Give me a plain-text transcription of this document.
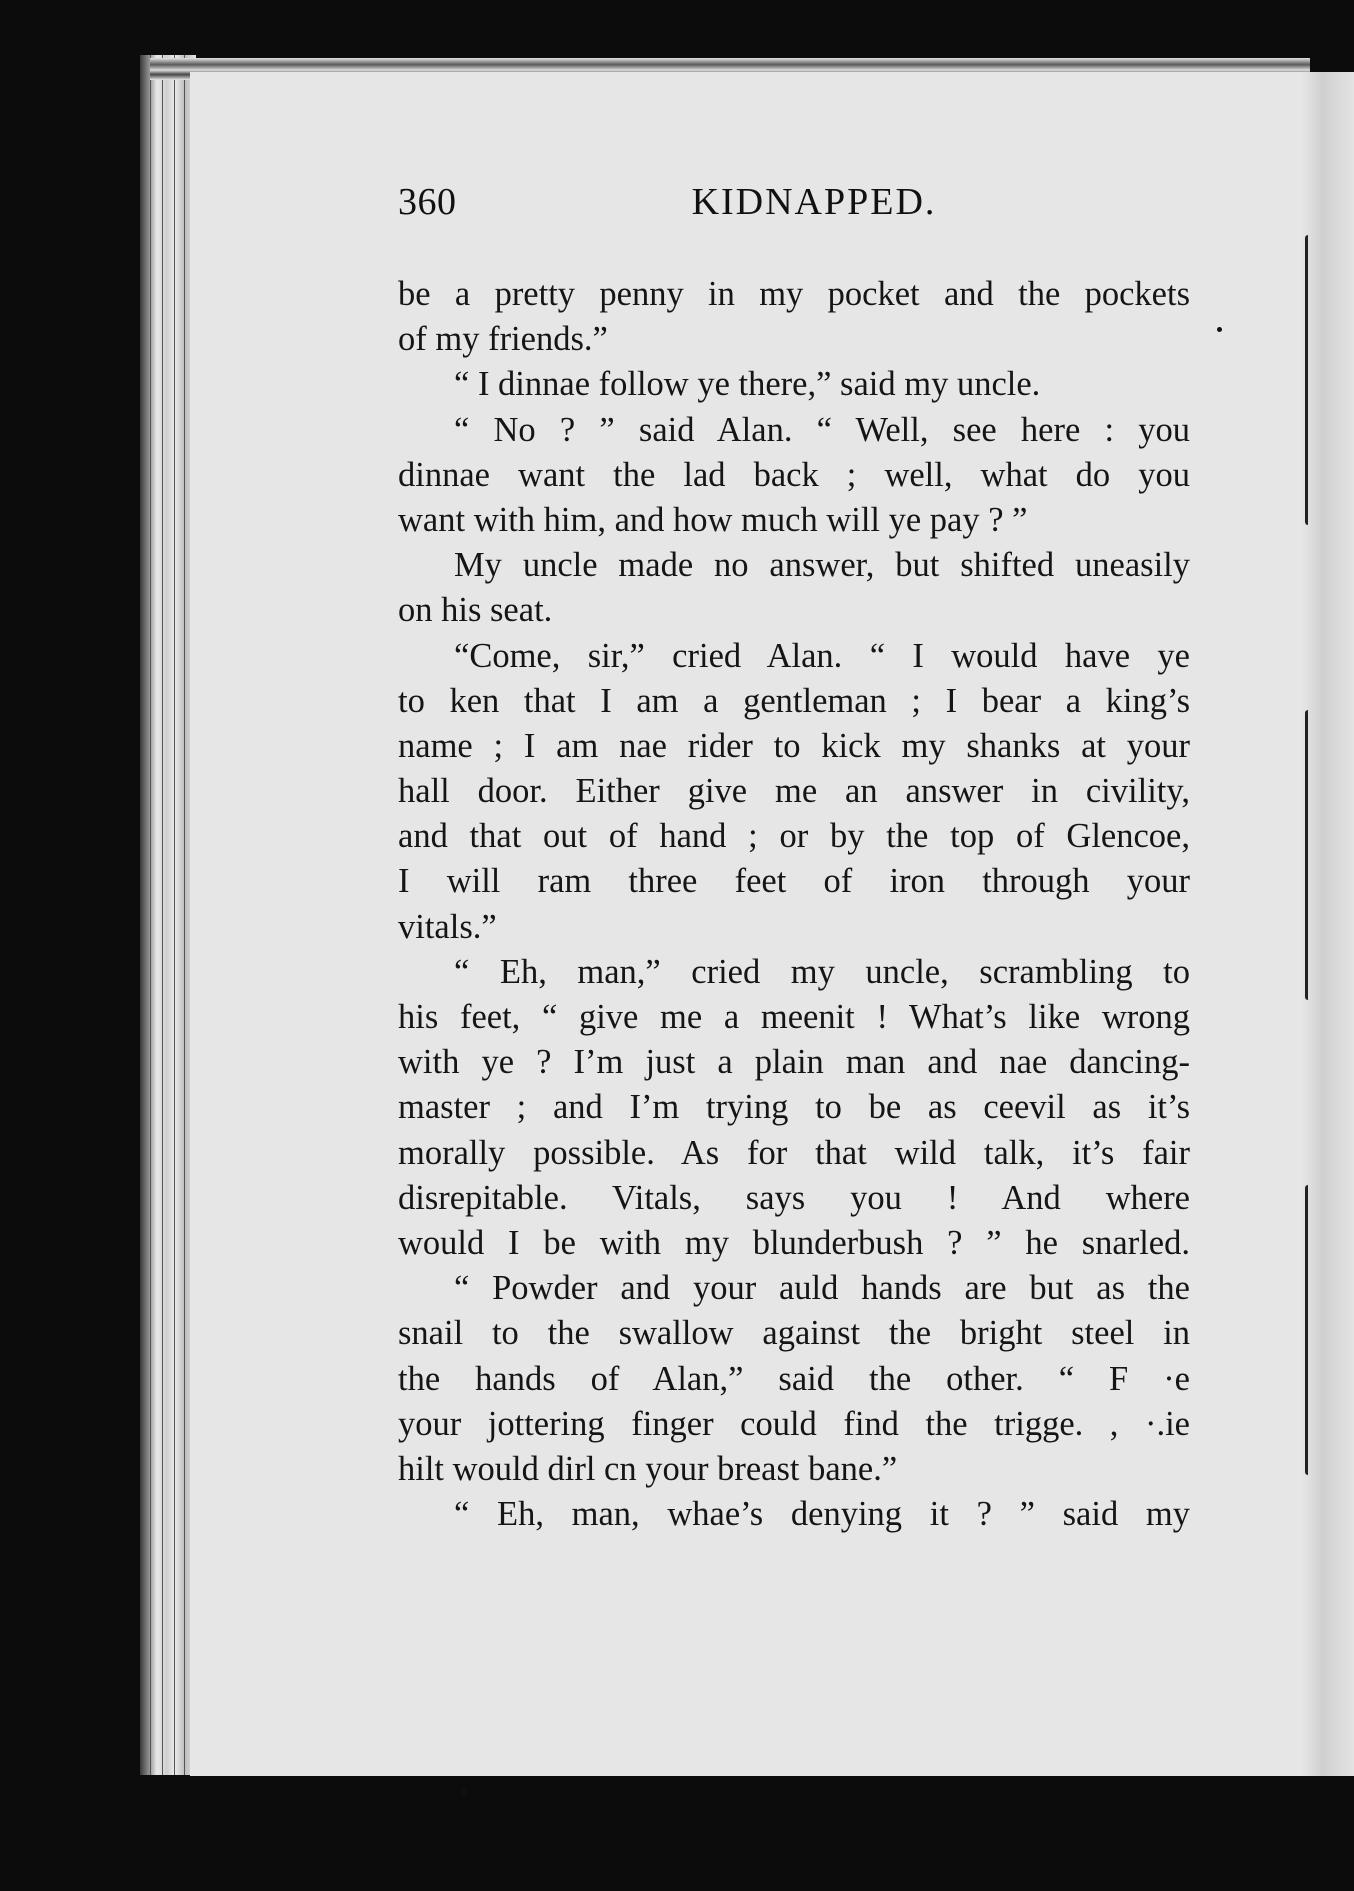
360	KIDNAPPED.
be a pretty penny in my pocket and the pockets
of my friends.”
“ I dinnae follow ye there,” said my uncle.
“ No ? ” said Alan. “ Well, see here : you
dinnae want the lad back ; well, what do you
want with him, and how much will ye pay ? ”
My uncle made no answer, but shifted uneasily
on his seat.
“Come, sir,” cried Alan. “ I would have ye
to ken that I am a gentleman ; I bear a king’s
name ; I am nae rider to kick my shanks at your
hall door. Either give me an answer in civility,
and that out of hand ; or by the top of Glencoe,
I will ram three feet of iron through your
vitals.”
“ Eh, man,” cried my uncle, scrambling to
his feet, “ give me a meenit ! What’s like wrong
with ye ? I’m just a plain man and nae dancing-
master ; and I’m trying to be as ceevil as it’s
morally possible. As for that wild talk, it’s fair
disrepitable. Vitals, says you ! And where
would I be with my blunderbush ? ” he snarled.
“ Powder and your auld hands are but as the
snail to the swallow against the bright steel in
the hands of Alan,” said the other. “ F ·e
your jottering finger could find the trigge. , ·.ie
hilt would dirl cn your breast bane.”
“ Eh, man, whae’s denying it ? ” said my
